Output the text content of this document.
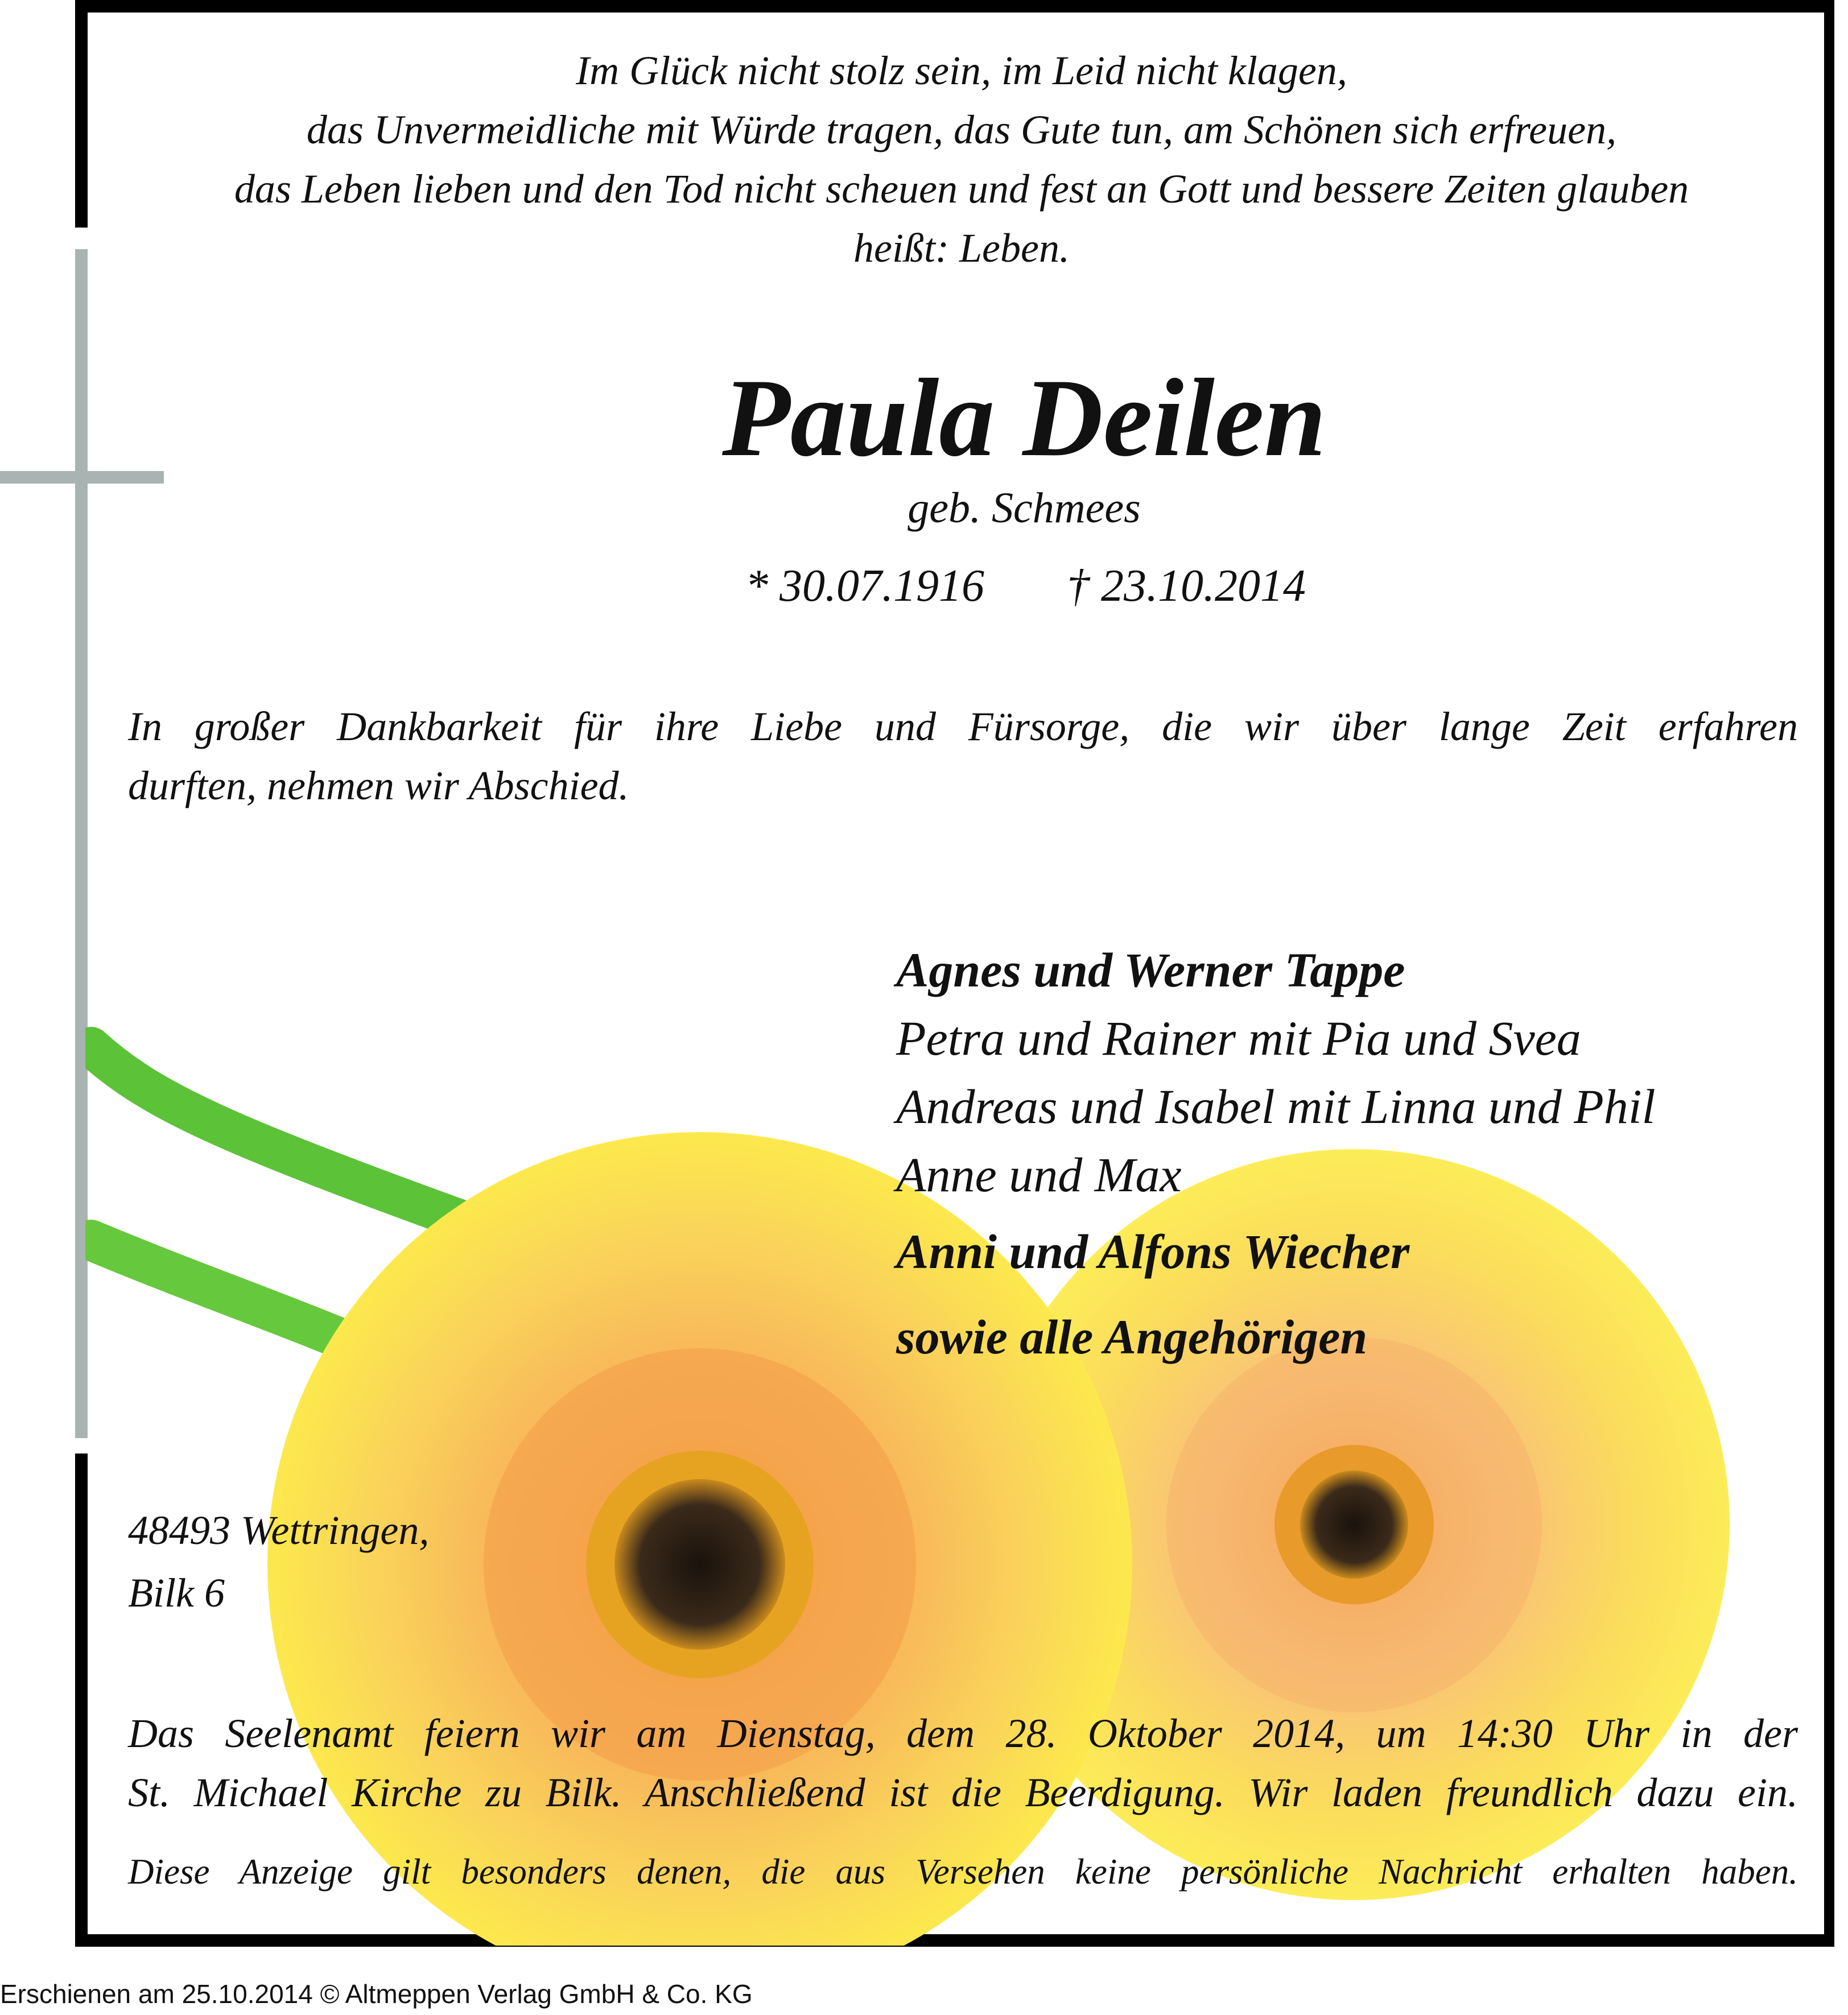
Im Glück nicht stolz sein, im Leid nicht klagen,
das Unvermeidliche mit Würde tragen, das Gute tun, am Schönen sich erfreuen,
das Leben lieben und den Tod nicht scheuen und fest an Gott und bessere Zeiten glauben
heißt: Leben.
Paula Deilen
geb. Schmees
* 30.07.1916	† 23.10.2014
In großer Dankbarkeit für ihre Liebe und Fürsorge, die wir über lange Zeit erfahren
durften, nehmen wir Abschied.
Agnes und Werner Tappe
Petra und Rainer mit Pia und Svea
Andreas und Isabel mit Linna und Phil
Anne und Max
Anni und Alfons Wiecher
sowie alle Angehörigen
48493 Wettringen,
Bilk 6
Das Seelenamt feiern wir am Dienstag, dem 28. Oktober 2014, um 14:30 Uhr in der
St. Michael Kirche zu Bilk. Anschließend ist die Beerdigung. Wir laden freundlich dazu ein.
Diese Anzeige gilt besonders denen, die aus Versehen keine persönliche Nachricht erhalten haben.
Erschienen am 25.10.2014 © Altmeppen Verlag GmbH & Co. KG
